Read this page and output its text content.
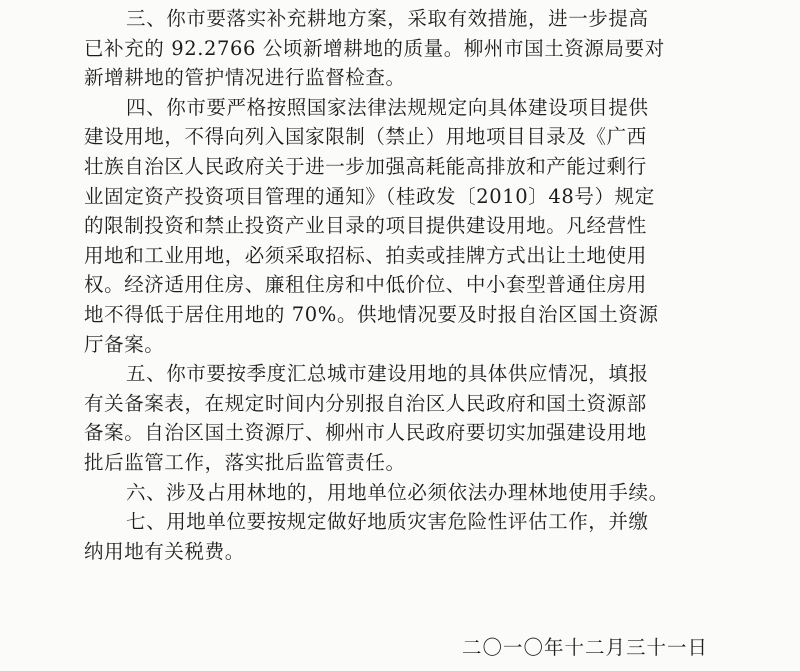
三、你市要落实补充耕地方案，采取有效措施，进一步提高
已补充的 92.2766 公顷新增耕地的质量。柳州市国土资源局要对
新增耕地的管护情况进行监督检查。
四、你市要严格按照国家法律法规规定向具体建设项目提供
建设用地，不得向列入国家限制（禁止）用地项目目录及《广西
壮族自治区人民政府关于进一步加强高耗能高排放和产能过剩行
业固定资产投资项目管理的通知》（桂政发〔2010〕48号）规定
的限制投资和禁止投资产业目录的项目提供建设用地。凡经营性
用地和工业用地，必须采取招标、拍卖或挂牌方式出让土地使用
权。经济适用住房、廉租住房和中低价位、中小套型普通住房用
地不得低于居住用地的 70%。供地情况要及时报自治区国土资源
厅备案。
五、你市要按季度汇总城市建设用地的具体供应情况，填报
有关备案表，在规定时间内分别报自治区人民政府和国土资源部
备案。自治区国土资源厅、柳州市人民政府要切实加强建设用地
批后监管工作，落实批后监管责任。
六、涉及占用林地的，用地单位必须依法办理林地使用手续。
七、用地单位要按规定做好地质灾害危险性评估工作，并缴
纳用地有关税费。
二〇一〇年十二月三十一日
